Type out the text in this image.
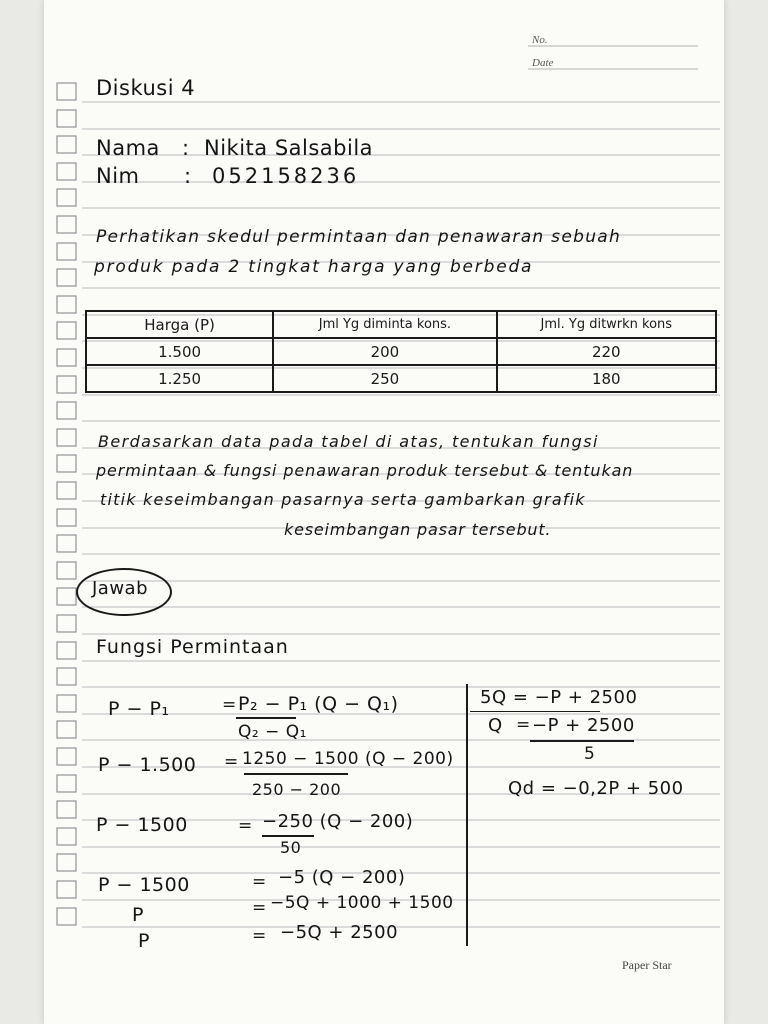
No.
Date
Diskusi 4
Nama : Nikita Salsabila
Nim : 052158236
Perhatikan skedul permintaan dan penawaran sebuah
produk pada 2 tingkat harga yang berbeda
Harga (P)	Jml Yg diminta kons.	Jml. Yg ditwrkn kons
1.500	200	220
1.250	250	180
Berdasarkan data pada tabel di atas, tentukan fungsi
permintaan & fungsi penawaran produk tersebut & tentukan
titik keseimbangan pasarnya serta gambarkan grafik
keseimbangan pasar tersebut.
Jawab
Fungsi Permintaan
P − P₁	= P₂ − P₁ (Q − Q₁)
Q₂ − Q₁
P − 1.500 = 1250 − 1500 (Q − 200)
250 − 200
P − 1500	= −250 (Q − 200)
50
P − 1500	= −5 (Q − 200)
P	= −5Q + 1000 + 1500
P	= −5Q + 2500
5Q = −P + 2500
Q = −P + 2500
5
Qd = −0,2P + 500
Paper Star
